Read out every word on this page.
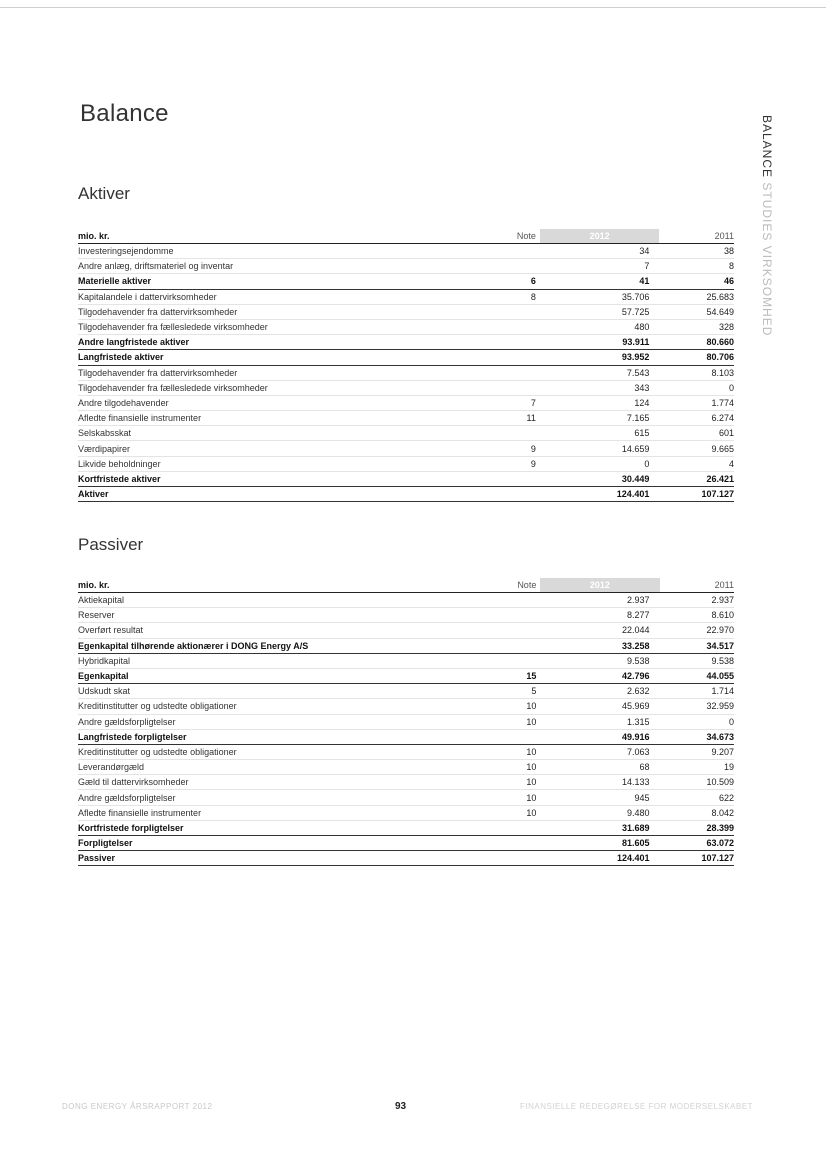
Balance
BALANCE STUDIES VIRKSOMHED
Aktiver
mio. kr.	Note	2012	2011
Investeringsejendomme		34	38
Andre anlæg, driftsmateriel og inventar		7	8
Materielle aktiver	6	41	46
Kapitalandele i dattervirksomheder	8	35.706	25.683
Tilgodehavender fra dattervirksomheder		57.725	54.649
Tilgodehavender fra fællesledede virksomheder		480	328
Andre langfristede aktiver		93.911	80.660
Langfristede aktiver		93.952	80.706
Tilgodehavender fra dattervirksomheder		7.543	8.103
Tilgodehavender fra fællesledede virksomheder		343	0
Andre tilgodehavender	7	124	1.774
Afledte finansielle instrumenter	11	7.165	6.274
Selskabsskat		615	601
Værdipapirer	9	14.659	9.665
Likvide beholdninger	9	0	4
Kortfristede aktiver		30.449	26.421
Aktiver		124.401	107.127
Passiver
mio. kr.	Note	2012	2011
Aktiekapital		2.937	2.937
Reserver		8.277	8.610
Overført resultat		22.044	22.970
Egenkapital tilhørende aktionærer i DONG Energy A/S		33.258	34.517
Hybridkapital		9.538	9.538
Egenkapital	15	42.796	44.055
Udskudt skat	5	2.632	1.714
Kreditinstitutter og udstedte obligationer	10	45.969	32.959
Andre gældsforpligtelser	10	1.315	0
Langfristede forpligtelser		49.916	34.673
Kreditinstitutter og udstedte obligationer	10	7.063	9.207
Leverandørgæld	10	68	19
Gæld til dattervirksomheder	10	14.133	10.509
Andre gældsforpligtelser	10	945	622
Afledte finansielle instrumenter	10	9.480	8.042
Kortfristede forpligtelser		31.689	28.399
Forpligtelser		81.605	63.072
Passiver		124.401	107.127
DONG ENERGY ÅRSRAPPORT 2012	93	FINANSIELLE REDEGØRELSE FOR MODERSELSKABET
